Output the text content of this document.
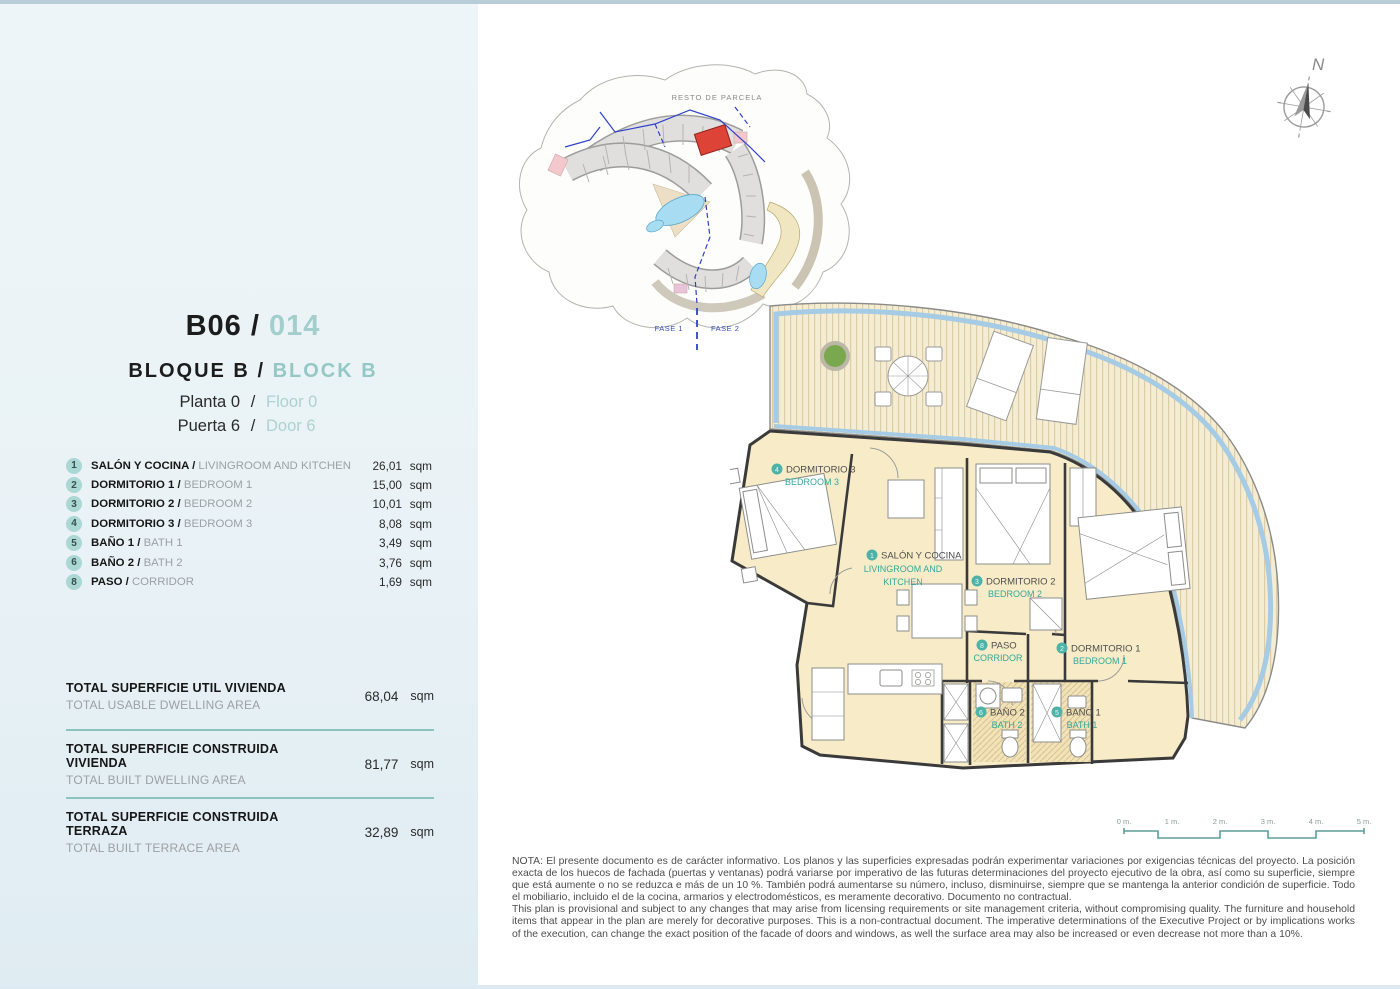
B06 / 014
BLOQUE B / BLOCK B
Planta 0 / Floor 0
Puerta 6 / Door 6
1	SALÓN Y COCINA / LIVINGROOM AND KITCHEN	26,01 sqm
2	DORMITORIO 1 / BEDROOM 1	15,00 sqm
3	DORMITORIO 2 / BEDROOM 2	10,01 sqm
4	DORMITORIO 3 / BEDROOM 3	8,08 sqm
5	BAÑO 1 / BATH 1	3,49 sqm
6	BAÑO 2 / BATH 2	3,76 sqm
8	PASO / CORRIDOR	1,69 sqm
TOTAL SUPERFICIE UTIL VIVIENDA
TOTAL USABLE DWELLING AREA
68,04 sqm
TOTAL SUPERFICIE CONSTRUIDA VIVIENDA
TOTAL BUILT DWELLING AREA
81,77 sqm
TOTAL SUPERFICIE CONSTRUIDA TERRAZA
TOTAL BUILT TERRACE AREA
32,89 sqm
RESTO DE PARCELA
FASE 1	FASE 2
N
4 DORMITORIO 3
BEDROOM 3
1 SALÓN Y COCINA
LIVINGROOM AND
KITCHEN	3 DORMITORIO 2
BEDROOM 2
2 DORMITORIO 1
BEDROOM 1
8 PASO
CORRIDOR
6 BAÑO 2
BATH 2
5 BAÑO 1
BATH 1
0 m.	1 m.	2 m.	3 m.	4 m.	5 m.

NOTA: El presente documento es de carácter informativo. Los planos y las superficies expresadas podrán experimentar variaciones por exigencias técnicas del proyecto. La posición exacta de los huecos de fachada (puertas y ventanas) podrá variarse por imperativo de las futuras determinaciones del proyecto ejecutivo de la obra, así como su superficie, siempre que está aumente o no se reduzca e más de un 10 %. También podrá aumentarse su número, incluso, disminuirse, siempre que se mantenga la anterior condición de superficie. Todo el mobiliario, incluido el de la cocina, armarios y electrodomésticos, es meramente decorativo. Documento no contractual.

This plan is provisional and subject to any changes that may arise from licensing requirements or site management criteria, without compromising quality. The furniture and household items that appear in the plan are merely for decorative purposes. This is a non-contractual document. The imperative determinations of the Executive Project or by implications works of the execution, can change the exact position of the facade of doors and windows, as well the surface area may also be increased or even decrease not more than a 10%.
